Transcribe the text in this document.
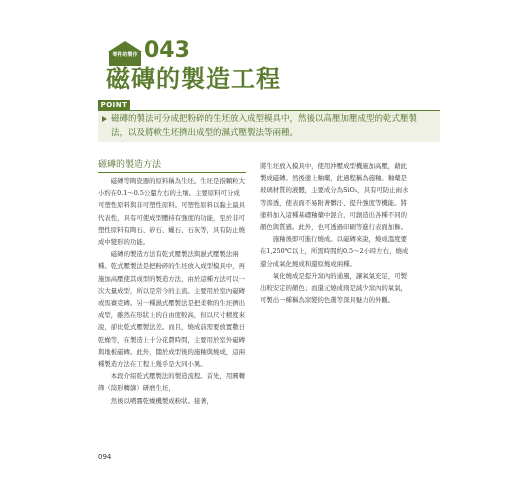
零件的製作 043
磁磚的製造工程
POINT
磁磚的製法可分成把粉碎的生坯放入成型模具中，然後以高壓加壓成型的乾式壓製法，以及將軟生坯擠出成型的濕式壓製法等兩種。
磁磚的製造方法

磁磚等陶瓷器的原料稱為生坯。生坯是指顆粒大小約在0.1～0.5公釐左右的土壤。主要原料可分成可塑性原料與非可塑性原料。可塑性原料以黏土最具代表性，具有可使成型體持有強度的功能，至於非可塑性原料有陶石、矽石、蠟石、石灰等，具有防止燒成中變形的功能。

磁磚的製造方法有乾式壓製法與濕式壓製法兩種。乾式壓製法是把粉碎的生坯放入成型模具中，再施加高壓使其成型的製造方法，由於這種方法可以一次大量成型，所以是常今的主流。主要用於室內磁磚或馬賽克磚。另一種濕式壓製法是把柔軟的生坯擠出成型，雖然在形狀上的自由度較高，但以尺寸精度來說，卻比乾式壓製法差。而且，燒成前需要放置數日乾燥等，在製造上十分花費時間，主要用於室外磁磚與地板磁磚。此外，闊於成型後的施釉與燒成，這兩種製造方法在工程上幾乎是大同小異。

本段介紹乾式壓製法的製造流程。首先，用圓轉筛（筒形轉篩）研磨生坯，

然後以噴霧乾燥機製成粉狀。接著，

將生坯放入模具中，使用沖壓成型機施加高壓，藉此製成磁磚。然後塗上釉藥，此過程稱為施釉。釉藥是玻璃材質的液體，主要成分為SiO₂，具有可防止雨水等滲透，使表面不易附著髒汙、提升強度等機能。將塗料加入這種基礎釉藥中混合，可創造出各種不同的顏色與質感。此外，也可透過印刷等進行表面加飾。

施釉後即可進行燒成。以磁磚來說，燒成溫度要在1,250℃以上，所需時間約0.5～2小時左右，燒成還分成氧化燒成和還原燒成兩種。

氧化燒成是提升窯內的通風，讓氧氣充足，可製出較安定的顏色；而還元燒成則是減少窯內的氧氣，可製出一種稱為窯變的色選等深具魅力的外觀。

094
